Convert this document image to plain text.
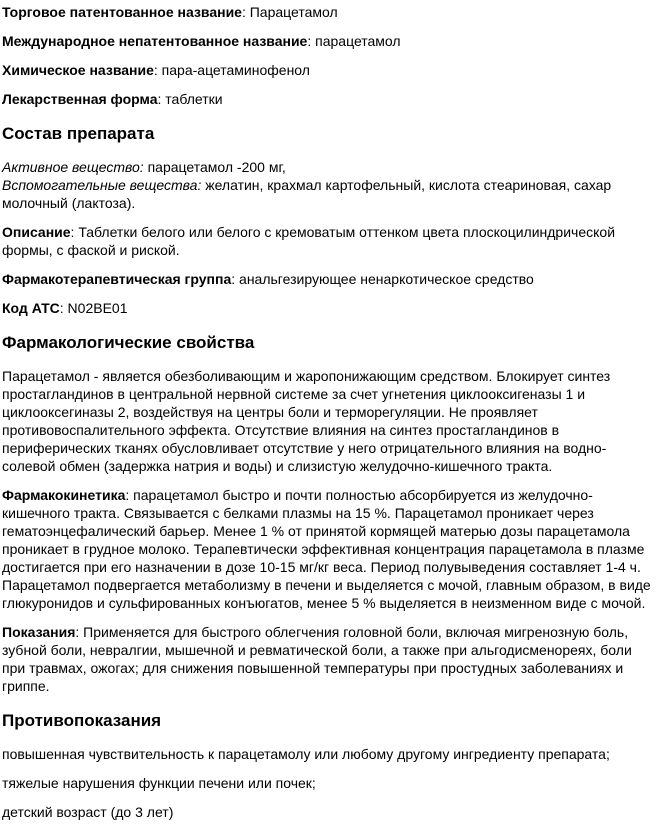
Торговое патентованное название: Парацетамол
Международное непатентованное название: парацетамол
Химическое название: пара-ацетаминофенол
Лекарственная форма: таблетки
Состав препарата
Активное вещество: парацетамол -200 мг,
Вспомогательные вещества: желатин, крахмал картофельный, кислота стеариновая, сахар молочный (лактоза).
Описание: Таблетки белого или белого с кремоватым оттенком цвета плоскоцилиндрической формы, с фаской и риской.
Фармакотерапевтическая группа: анальгезирующее ненаркотическое средство
Код АТС: N02BE01
Фармакологические свойства
Парацетамол - является обезболивающим и жаропонижающим средством. Блокирует синтез простагландинов в центральной нервной системе за счет угнетения циклооксигеназы 1 и циклооксегиназы 2, воздействуя на центры боли и терморегуляции. Не проявляет противовоспалительного эффекта. Отсутствие влияния на синтез простагландинов в периферических тканях обусловливает отсутствие у него отрицательного влияния на водно-солевой обмен (задержка натрия и воды) и слизистую желудочно-кишечного тракта.
Фармакокинетика: парацетамол быстро и почти полностью абсорбируется из желудочно-кишечного тракта. Связывается с белками плазмы на 15 %. Парацетамол проникает через гематоэнцефалический барьер. Менее 1 % от принятой кормящей матерью дозы парацетамола проникает в грудное молоко. Терапевтически эффективная концентрация парацетамола в плазме достигается при его назначении в дозе 10-15 мг/кг веса. Период полувыведения составляет 1-4 ч. Парацетамол подвергается метаболизму в печени и выделяется с мочой, главным образом, в виде глюкуронидов и сульфированных конъюгатов, менее 5 % выделяется в неизменном виде с мочой.
Показания: Применяется для быстрого облегчения головной боли, включая мигренозную боль, зубной боли, невралгии, мышечной и ревматической боли, а также при альгодисменореях, боли при травмах, ожогах; для снижения повышенной температуры при простудных заболеваниях и гриппе.
Противопоказания
повышенная чувствительность к парацетамолу или любому другому ингредиенту препарата;
тяжелые нарушения функции печени или почек;
детский возраст (до 3 лет)
